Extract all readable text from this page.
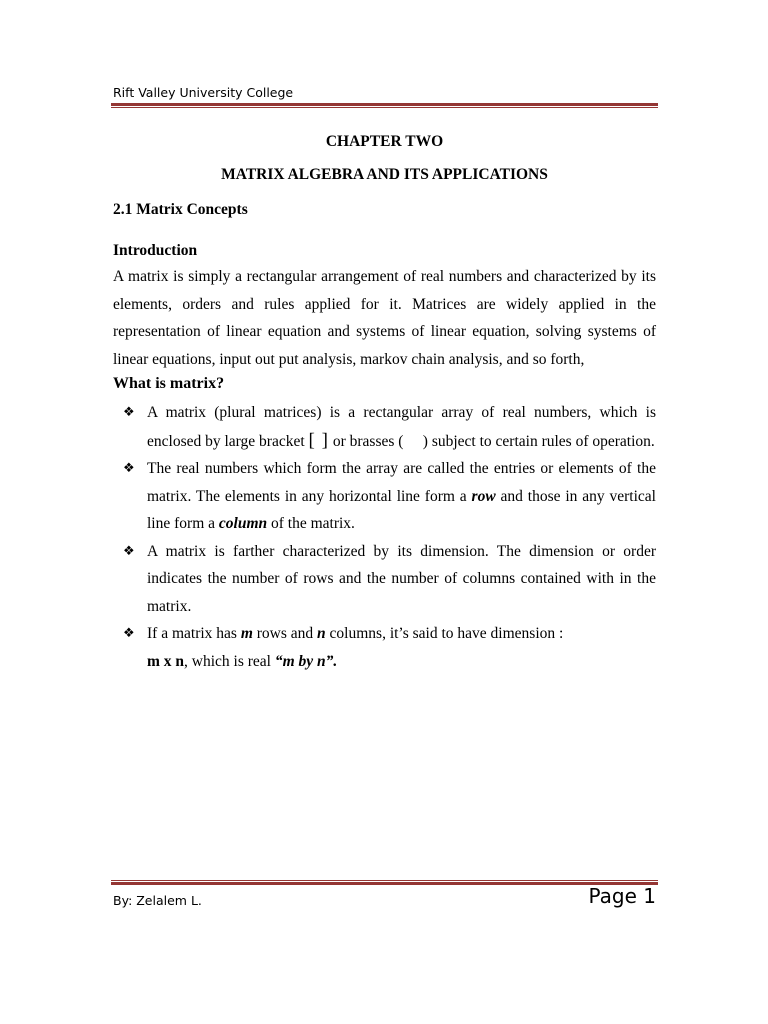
Rift Valley University College
CHAPTER TWO
MATRIX ALGEBRA AND ITS APPLICATIONS
2.1 Matrix Concepts
Introduction
A matrix is simply a rectangular arrangement of real numbers and characterized by its elements, orders and rules applied for it. Matrices are widely applied in the representation of linear equation and systems of linear equation, solving systems of linear equations, input out put analysis, markov chain analysis, and so forth,
What is matrix?
❖ A matrix (plural matrices) is a rectangular array of real numbers, which is enclosed by large bracket [ ] or brasses (     ) subject to certain rules of operation.
❖ The real numbers which form the array are called the entries or elements of the matrix. The elements in any horizontal line form a row and those in any vertical line form a column of the matrix.
❖ A matrix is farther characterized by its dimension. The dimension or order indicates the number of rows and the number of columns contained with in the matrix.
❖ If a matrix has m rows and n columns, it’s said to have dimension :
m x n, which is real “m by n”.
By: Zelalem L.	Page 1
